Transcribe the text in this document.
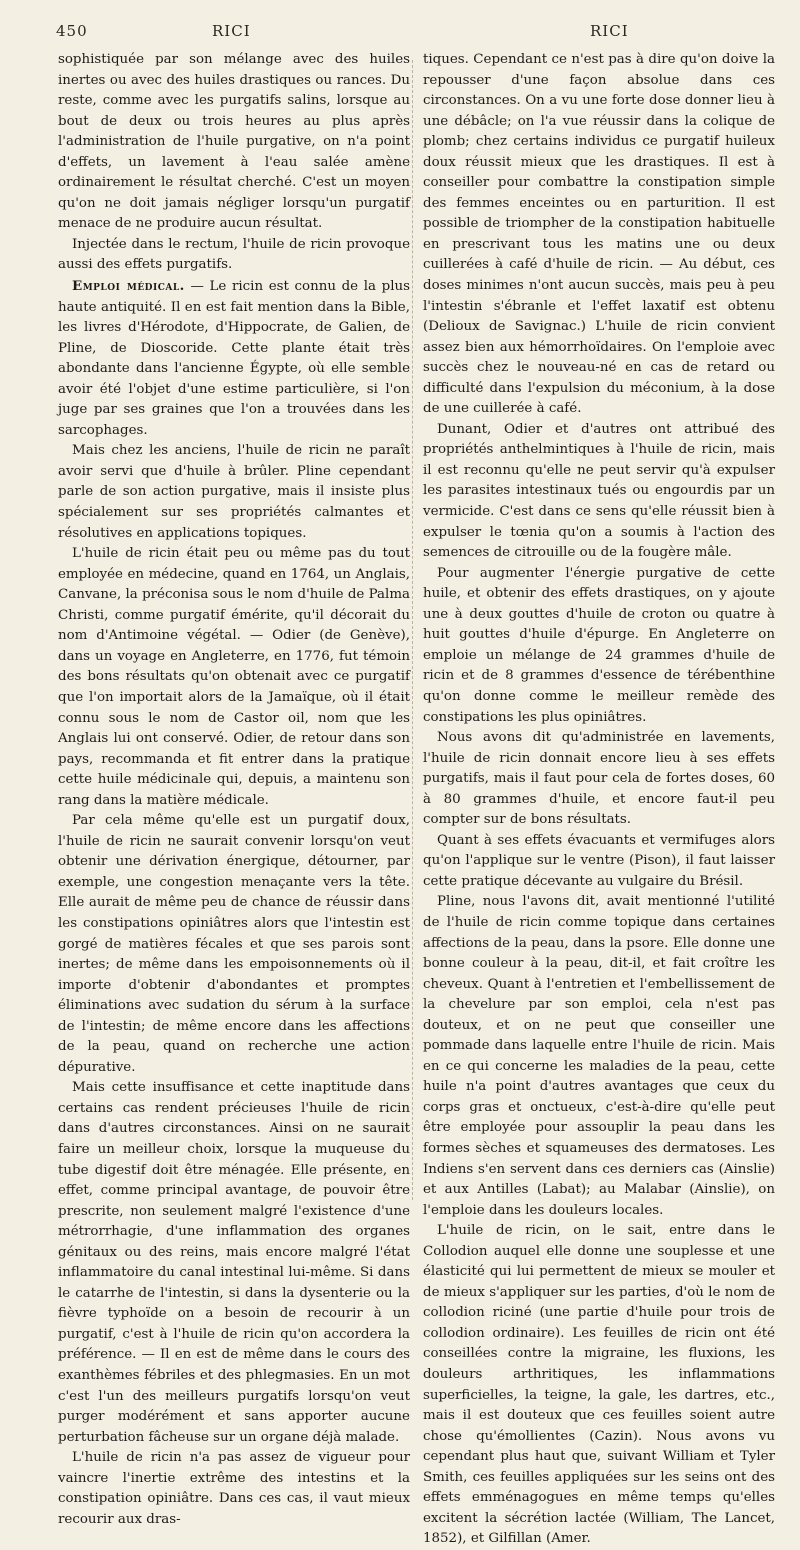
450	RICI	RICI

sophistiquée par son mélange avec des huiles inertes ou avec des huiles drastiques ou rances. Du reste, comme avec les purgatifs salins, lorsque au bout de deux ou trois heures au plus après l'administration de l'huile purgative, on n'a point d'effets, un lavement à l'eau salée amène ordinairement le résultat cherché. C'est un moyen qu'on ne doit jamais négliger lorsqu'un purgatif menace de ne produire aucun résultat.

Injectée dans le rectum, l'huile de ricin provoque aussi des effets purgatifs.

Emploi médical. — Le ricin est connu de la plus haute antiquité. Il en est fait mention dans la Bible, les livres d'Hérodote, d'Hippocrate, de Galien, de Pline, de Dioscoride. Cette plante était très abondante dans l'ancienne Égypte, où elle semble avoir été l'objet d'une estime particulière, si l'on juge par ses graines que l'on a trouvées dans les sarcophages.

Mais chez les anciens, l'huile de ricin ne paraît avoir servi que d'huile à brûler. Pline cependant parle de son action purgative, mais il insiste plus spécialement sur ses propriétés calmantes et résolutives en applications topiques.

L'huile de ricin était peu ou même pas du tout employée en médecine, quand en 1764, un Anglais, Canvane, la préconisa sous le nom d'huile de Palma Christi, comme purgatif émérite, qu'il décorait du nom d'Antimoine végétal. — Odier (de Genève), dans un voyage en Angleterre, en 1776, fut témoin des bons résultats qu'on obtenait avec ce purgatif que l'on importait alors de la Jamaïque, où il était connu sous le nom de Castor oil, nom que les Anglais lui ont conservé. Odier, de retour dans son pays, recommanda et fit entrer dans la pratique cette huile médicinale qui, depuis, a maintenu son rang dans la matière médicale.

Par cela même qu'elle est un purgatif doux, l'huile de ricin ne saurait convenir lorsqu'on veut obtenir une dérivation énergique, détourner, par exemple, une congestion menaçante vers la tête. Elle aurait de même peu de chance de réussir dans les constipations opiniâtres alors que l'intestin est gorgé de matières fécales et que ses parois sont inertes; de même dans les empoisonnements où il importe d'obtenir d'abondantes et promptes éliminations avec sudation du sérum à la surface de l'intestin; de même encore dans les affections de la peau, quand on recherche une action dépurative.

Mais cette insuffisance et cette inaptitude dans certains cas rendent précieuses l'huile de ricin dans d'autres circonstances. Ainsi on ne saurait faire un meilleur choix, lorsque la muqueuse du tube digestif doit être ménagée. Elle présente, en effet, comme principal avantage, de pouvoir être prescrite, non seulement malgré l'existence d'une métrorrhagie, d'une inflammation des organes génitaux ou des reins, mais encore malgré l'état inflammatoire du canal intestinal lui-même. Si dans le catarrhe de l'intestin, si dans la dysenterie ou la fièvre typhoïde on a besoin de recourir à un purgatif, c'est à l'huile de ricin qu'on accordera la préférence. — Il en est de même dans le cours des exanthèmes fébriles et des phlegmasies. En un mot c'est l'un des meilleurs purgatifs lorsqu'on veut purger modérément et sans apporter aucune perturbation fâcheuse sur un organe déjà malade.

L'huile de ricin n'a pas assez de vigueur pour vaincre l'inertie extrême des intestins et la constipation opiniâtre. Dans ces cas, il vaut mieux recourir aux dras-

tiques. Cependant ce n'est pas à dire qu'on doive la repousser d'une façon absolue dans ces circonstances. On a vu une forte dose donner lieu à une débâcle; on l'a vue réussir dans la colique de plomb; chez certains individus ce purgatif huileux doux réussit mieux que les drastiques. Il est à conseiller pour combattre la constipation simple des femmes enceintes ou en parturition. Il est possible de triompher de la constipation habituelle en prescrivant tous les matins une ou deux cuillerées à café d'huile de ricin. — Au début, ces doses minimes n'ont aucun succès, mais peu à peu l'intestin s'ébranle et l'effet laxatif est obtenu (Delioux de Savignac.) L'huile de ricin convient assez bien aux hémorrhoïdaires. On l'emploie avec succès chez le nouveau-né en cas de retard ou difficulté dans l'expulsion du méconium, à la dose de une cuillerée à café.

Dunant, Odier et d'autres ont attribué des propriétés anthelmintiques à l'huile de ricin, mais il est reconnu qu'elle ne peut servir qu'à expulser les parasites intestinaux tués ou engourdis par un vermicide. C'est dans ce sens qu'elle réussit bien à expulser le tœnia qu'on a soumis à l'action des semences de citrouille ou de la fougère mâle.

Pour augmenter l'énergie purgative de cette huile, et obtenir des effets drastiques, on y ajoute une à deux gouttes d'huile de croton ou quatre à huit gouttes d'huile d'épurge. En Angleterre on emploie un mélange de 24 grammes d'huile de ricin et de 8 grammes d'essence de térébenthine qu'on donne comme le meilleur remède des constipations les plus opiniâtres.

Nous avons dit qu'administrée en lavements, l'huile de ricin donnait encore lieu à ses effets purgatifs, mais il faut pour cela de fortes doses, 60 à 80 grammes d'huile, et encore faut-il peu compter sur de bons résultats.

Quant à ses effets évacuants et vermifuges alors qu'on l'applique sur le ventre (Pison), il faut laisser cette pratique décevante au vulgaire du Brésil.

Pline, nous l'avons dit, avait mentionné l'utilité de l'huile de ricin comme topique dans certaines affections de la peau, dans la psore. Elle donne une bonne couleur à la peau, dit-il, et fait croître les cheveux. Quant à l'entretien et l'embellissement de la chevelure par son emploi, cela n'est pas douteux, et on ne peut que conseiller une pommade dans laquelle entre l'huile de ricin. Mais en ce qui concerne les maladies de la peau, cette huile n'a point d'autres avantages que ceux du corps gras et onctueux, c'est-à-dire qu'elle peut être employée pour assouplir la peau dans les formes sèches et squameuses des dermatoses. Les Indiens s'en servent dans ces derniers cas (Ainslie) et aux Antilles (Labat); au Malabar (Ainslie), on l'emploie dans les douleurs locales.

L'huile de ricin, on le sait, entre dans le Collodion auquel elle donne une souplesse et une élasticité qui lui permettent de mieux se mouler et de mieux s'appliquer sur les parties, d'où le nom de collodion riciné (une partie d'huile pour trois de collodion ordinaire). Les feuilles de ricin ont été conseillées contre la migraine, les fluxions, les douleurs arthritiques, les inflammations superficielles, la teigne, la gale, les dartres, etc., mais il est douteux que ces feuilles soient autre chose qu'émollientes (Cazin). Nous avons vu cependant plus haut que, suivant William et Tyler Smith, ces feuilles appliquées sur les seins ont des effets emménagogues en même temps qu'elles excitent la sécrétion lactée (William, The Lancet, 1852), et Gilfillan (Amer.
